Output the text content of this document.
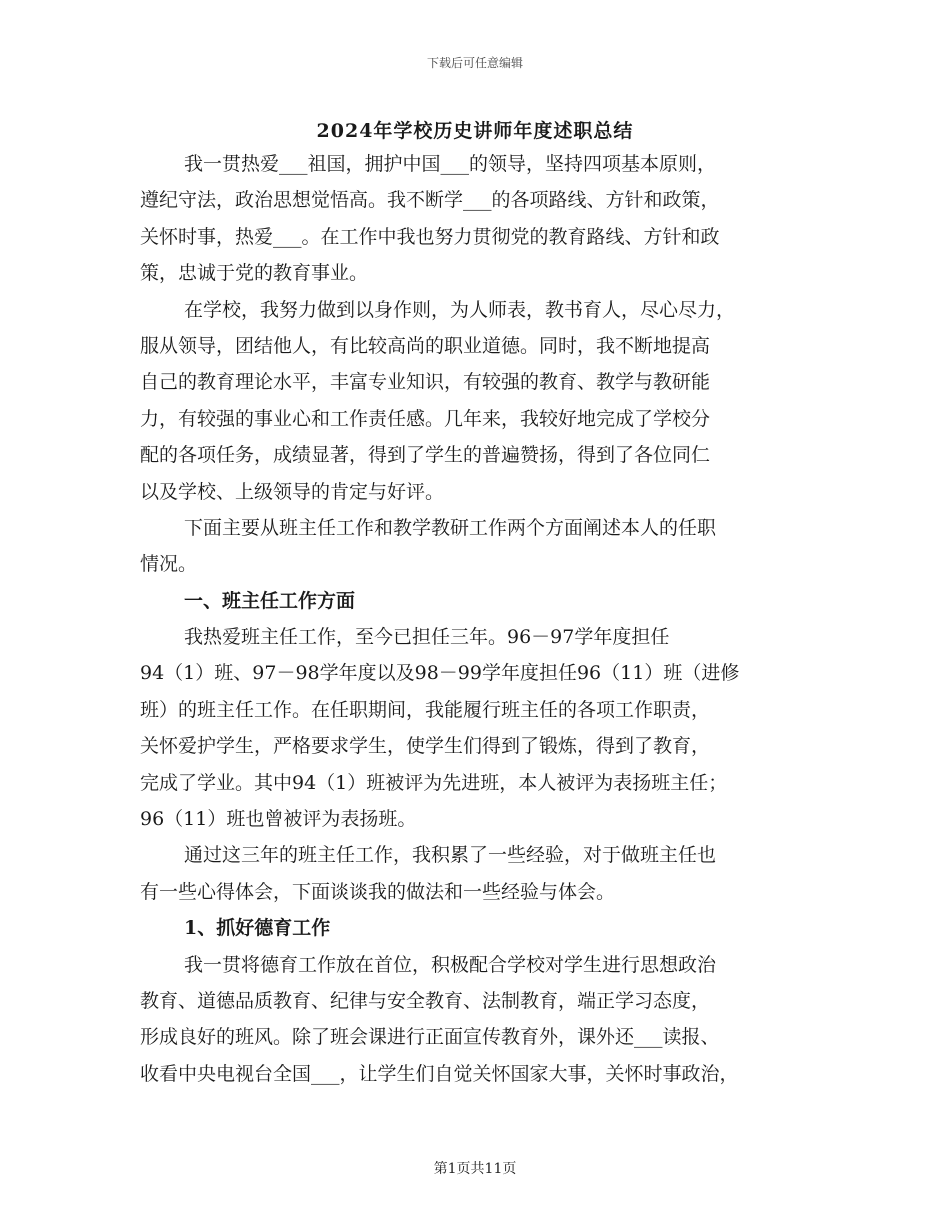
下载后可任意编辑
2024年学校历史讲师年度述职总结
我一贯热爱___祖国，拥护中国___的领导，坚持四项基本原则，
遵纪守法，政治思想觉悟高。我不断学___的各项路线、方针和政策，
关怀时事，热爱___。在工作中我也努力贯彻党的教育路线、方针和政
策，忠诚于党的教育事业。
在学校，我努力做到以身作则，为人师表，教书育人，尽心尽力，
服从领导，团结他人，有比较高尚的职业道德。同时，我不断地提高
自己的教育理论水平，丰富专业知识，有较强的教育、教学与教研能
力，有较强的事业心和工作责任感。几年来，我较好地完成了学校分
配的各项任务，成绩显著，得到了学生的普遍赞扬，得到了各位同仁
以及学校、上级领导的肯定与好评。
下面主要从班主任工作和教学教研工作两个方面阐述本人的任职
情况。
一、班主任工作方面
我热爱班主任工作，至今已担任三年。96－97学年度担任
94（1）班、97－98学年度以及98－99学年度担任96（11）班（进修
班）的班主任工作。在任职期间，我能履行班主任的各项工作职责，
关怀爱护学生，严格要求学生，使学生们得到了锻炼，得到了教育，
完成了学业。其中94（1）班被评为先进班，本人被评为表扬班主任；
96（11）班也曾被评为表扬班。
通过这三年的班主任工作，我积累了一些经验，对于做班主任也
有一些心得体会，下面谈谈我的做法和一些经验与体会。
1、抓好德育工作
我一贯将德育工作放在首位，积极配合学校对学生进行思想政治
教育、道德品质教育、纪律与安全教育、法制教育，端正学习态度，
形成良好的班风。除了班会课进行正面宣传教育外，课外还___读报、
收看中央电视台全国___，让学生们自觉关怀国家大事，关怀时事政治，
第1页共11页
